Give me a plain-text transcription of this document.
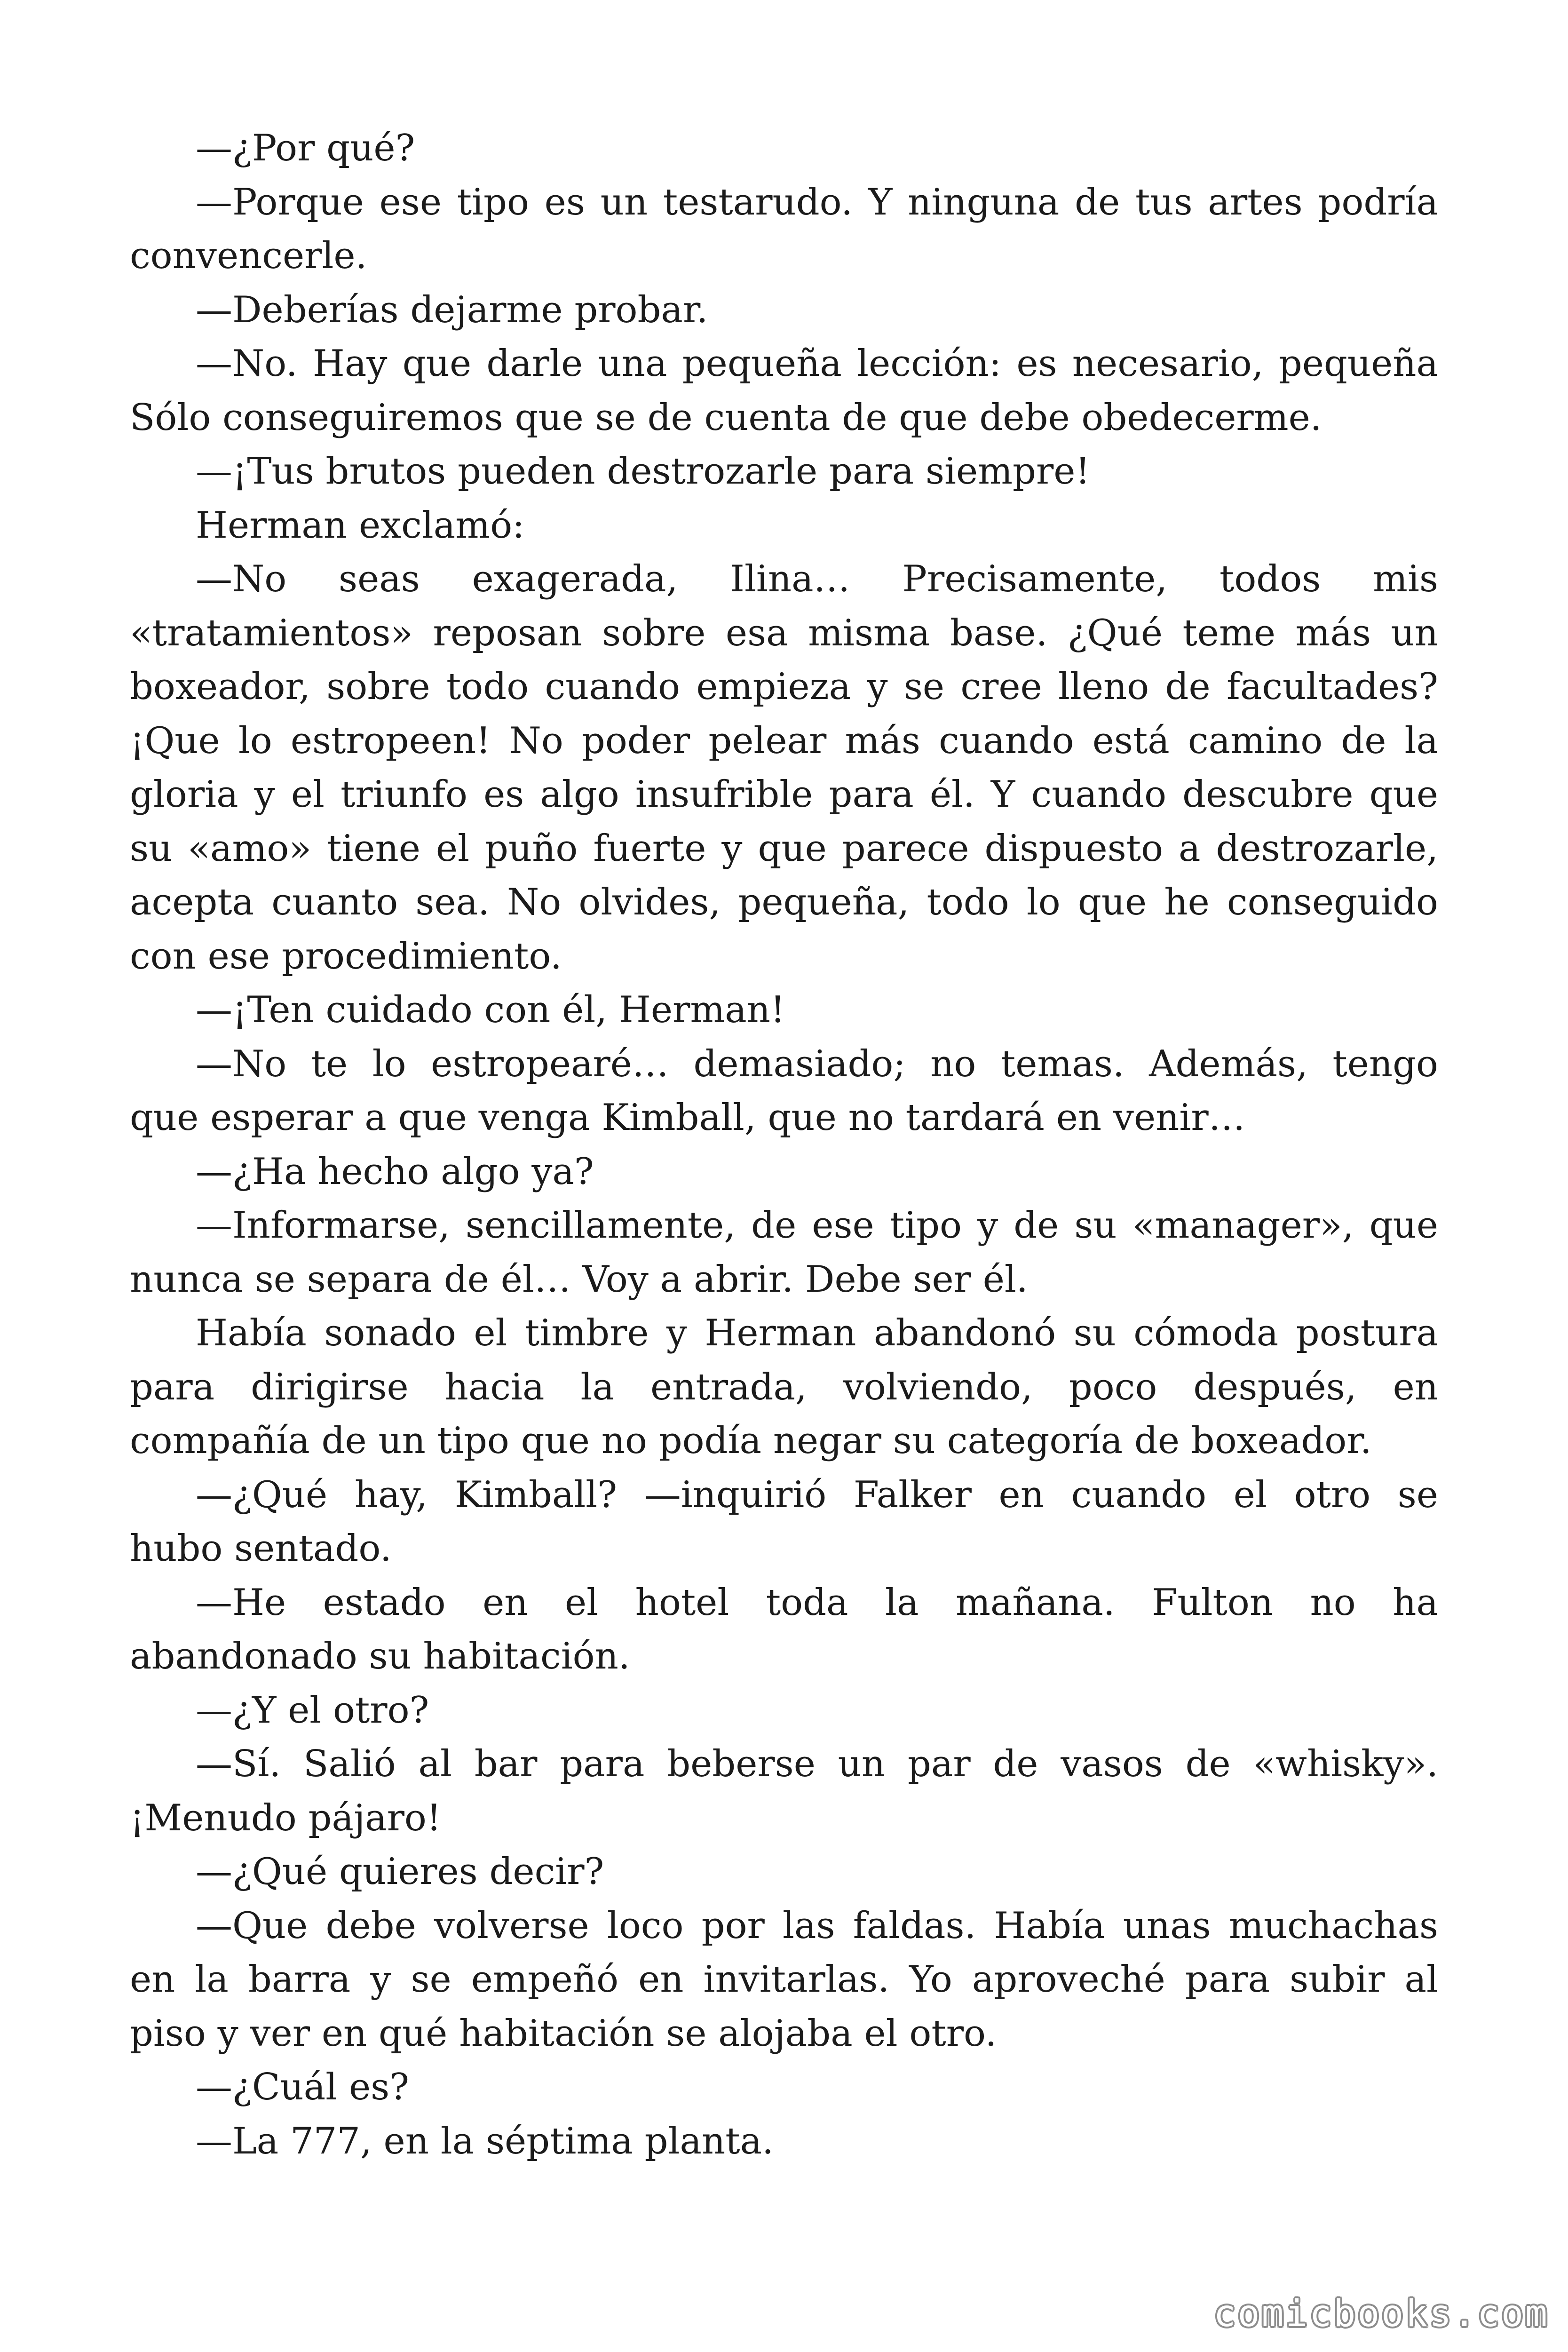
—¿Por qué?

—Porque ese tipo es un testarudo. Y ninguna de tus artes podría

convencerle.

—Deberías dejarme probar.

—No. Hay que darle una pequeña lección: es necesario, pequeña

Sólo conseguiremos que se de cuenta de que debe obedecerme.

—¡Tus brutos pueden destrozarle para siempre!

Herman exclamó:

—No seas exagerada, Ilina… Precisamente, todos mis

«tratamientos» reposan sobre esa misma base. ¿Qué teme más un

boxeador, sobre todo cuando empieza y se cree lleno de facultades?

¡Que lo estropeen! No poder pelear más cuando está camino de la

gloria y el triunfo es algo insufrible para él. Y cuando descubre que

su «amo» tiene el puño fuerte y que parece dispuesto a destrozarle,

acepta cuanto sea. No olvides, pequeña, todo lo que he conseguido

con ese procedimiento.

—¡Ten cuidado con él, Herman!

—No te lo estropearé… demasiado; no temas. Además, tengo

que esperar a que venga Kimball, que no tardará en venir…

—¿Ha hecho algo ya?

—Informarse, sencillamente, de ese tipo y de su «manager», que

nunca se separa de él… Voy a abrir. Debe ser él.

Había sonado el timbre y Herman abandonó su cómoda postura

para dirigirse hacia la entrada, volviendo, poco después, en

compañía de un tipo que no podía negar su categoría de boxeador.

—¿Qué hay, Kimball? —inquirió Falker en cuando el otro se

hubo sentado.

—He estado en el hotel toda la mañana. Fulton no ha

abandonado su habitación.

—¿Y el otro?

—Sí. Salió al bar para beberse un par de vasos de «whisky».

¡Menudo pájaro!

—¿Qué quieres decir?

—Que debe volverse loco por las faldas. Había unas muchachas

en la barra y se empeñó en invitarlas. Yo aproveché para subir al

piso y ver en qué habitación se alojaba el otro.

—¿Cuál es?

—La 777, en la séptima planta.

comicbooks.com
